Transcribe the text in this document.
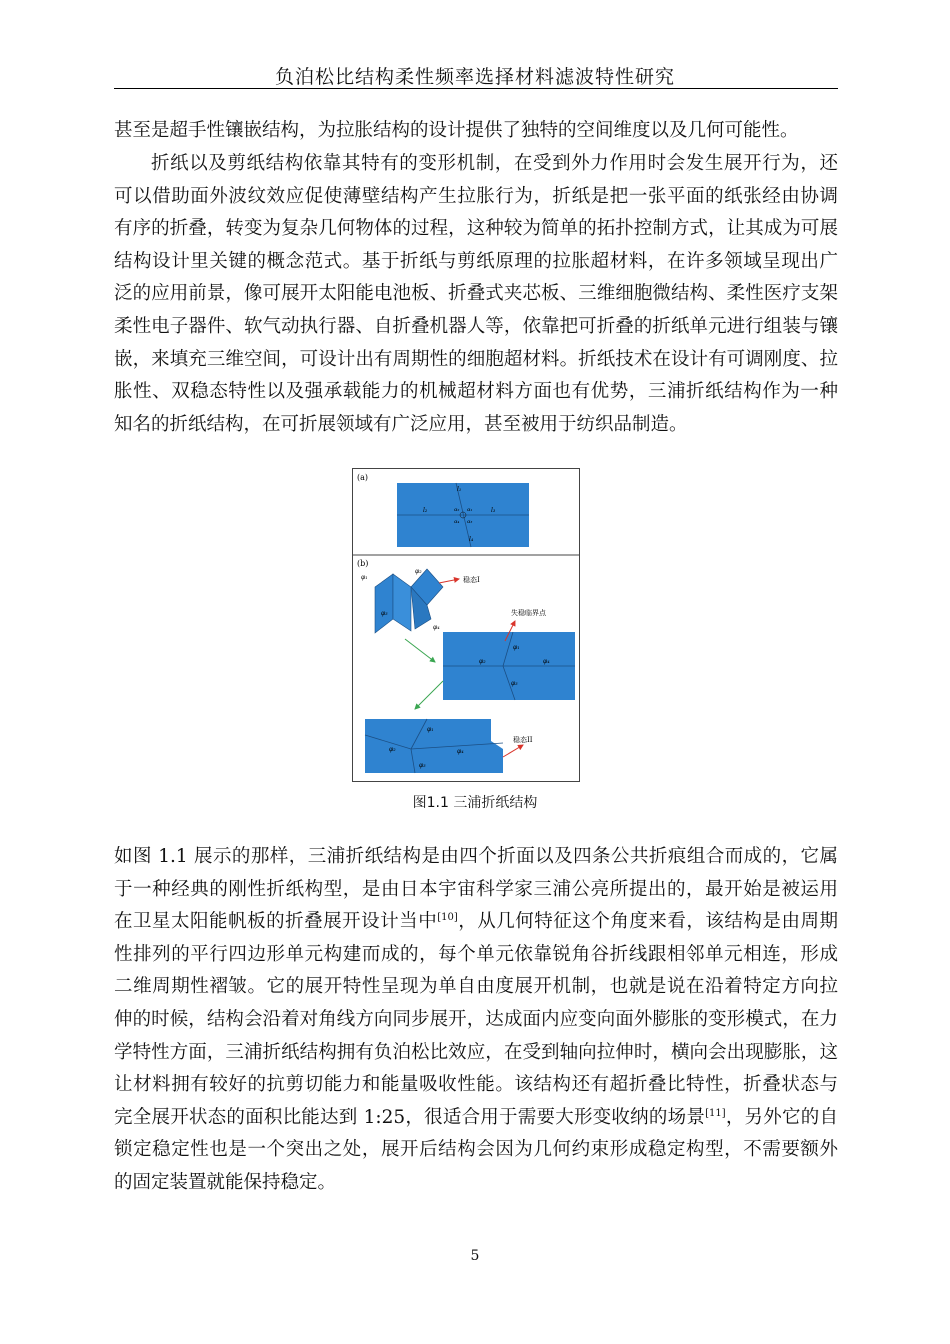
负泊松比结构柔性频率选择材料滤波特性研究
甚至是超手性镶嵌结构，为拉胀结构的设计提供了独特的空间维度以及几何可能性。
折纸以及剪纸结构依靠其特有的变形机制，在受到外力作用时会发生展开行为，还
可以借助面外波纹效应促使薄壁结构产生拉胀行为，折纸是把一张平面的纸张经由协调
有序的折叠，转变为复杂几何物体的过程，这种较为简单的拓扑控制方式，让其成为可展
结构设计里关键的概念范式。基于折纸与剪纸原理的拉胀超材料，在许多领域呈现出广
泛的应用前景，像可展开太阳能电池板、折叠式夹芯板、三维细胞微结构、柔性医疗支架
柔性电子器件、软气动执行器、自折叠机器人等，依靠把可折叠的折纸单元进行组装与镶
嵌，来填充三维空间，可设计出有周期性的细胞超材料。折纸技术在设计有可调刚度、拉
胀性、双稳态特性以及强承载能力的机械超材料方面也有优势，三浦折纸结构作为一种
知名的折纸结构，在可折展领域有广泛应用，甚至被用于纺织品制造。
(a)
l₁
l₂	l₃
l₄
α₁
α₂
α₃
α₄
(b)
φ₁
φ₂
φ₃
φ₄
稳态I
φ₁
φ₂
φ₃
φ₄
失稳临界点
φ₁
φ₂
φ₃
φ₄
稳态II
图1.1 三浦折纸结构
如图 1.1 展示的那样，三浦折纸结构是由四个折面以及四条公共折痕组合而成的，它属
于一种经典的刚性折纸构型，是由日本宇宙科学家三浦公亮所提出的，最开始是被运用
在卫星太阳能帆板的折叠展开设计当中[10]，从几何特征这个角度来看，该结构是由周期
性排列的平行四边形单元构建而成的，每个单元依靠锐角谷折线跟相邻单元相连，形成
二维周期性褶皱。它的展开特性呈现为单自由度展开机制，也就是说在沿着特定方向拉
伸的时候，结构会沿着对角线方向同步展开，达成面内应变向面外膨胀的变形模式，在力
学特性方面，三浦折纸结构拥有负泊松比效应，在受到轴向拉伸时，横向会出现膨胀，这
让材料拥有较好的抗剪切能力和能量吸收性能。该结构还有超折叠比特性，折叠状态与
完全展开状态的面积比能达到 1:25，很适合用于需要大形变收纳的场景[11]，另外它的自
锁定稳定性也是一个突出之处，展开后结构会因为几何约束形成稳定构型，不需要额外
的固定装置就能保持稳定。
5
